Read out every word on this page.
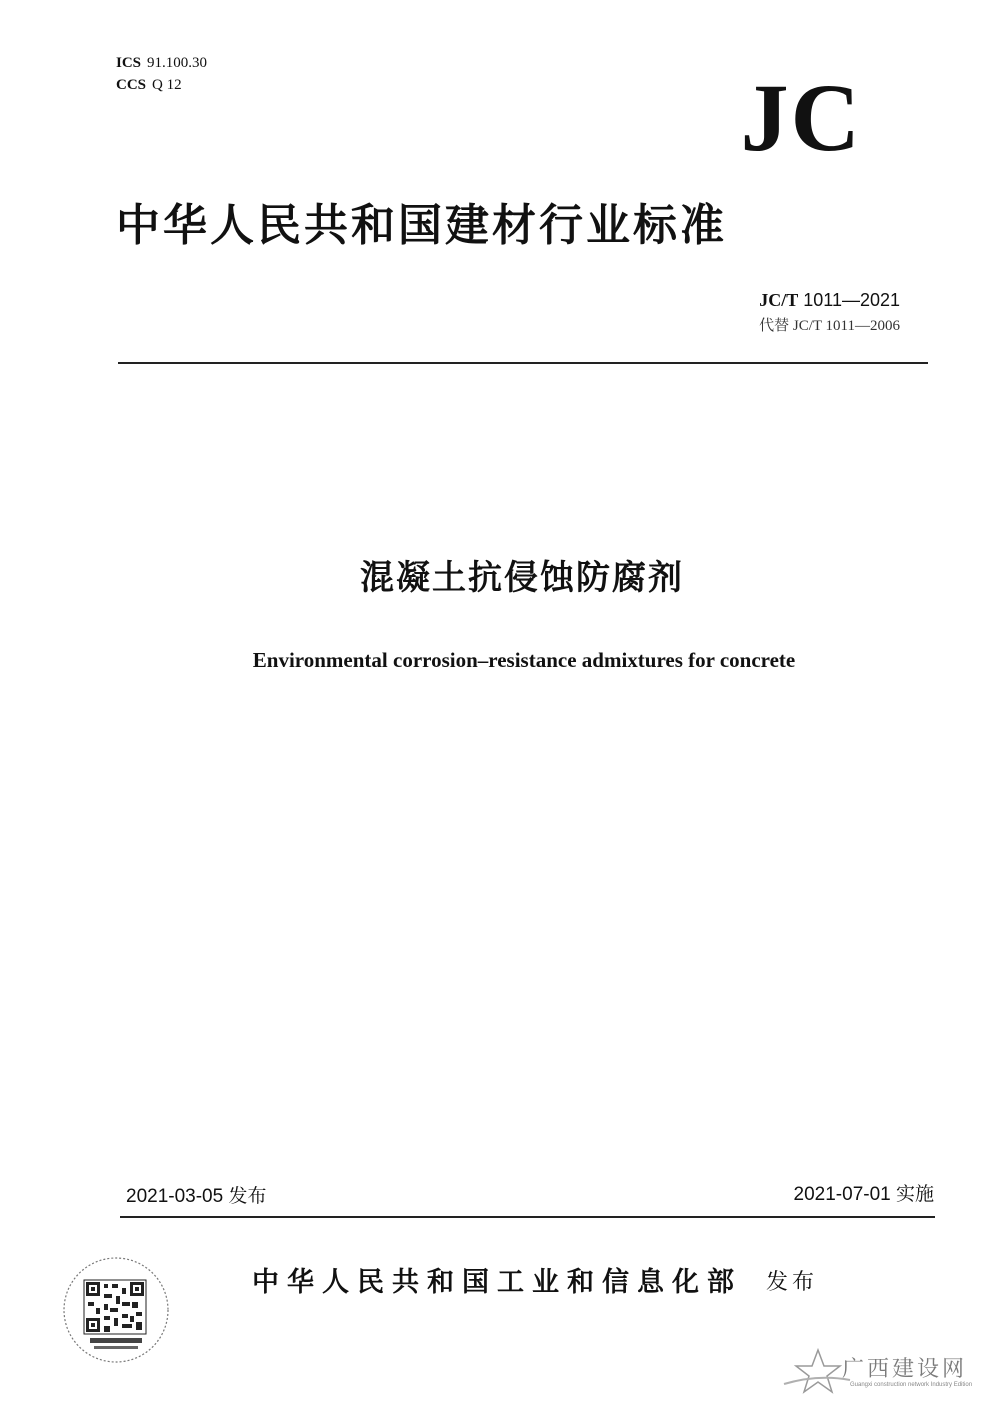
ICS 91.100.30
CCS Q 12	JC
中华人民共和国建材行业标准
JC/T 1011—2021
代替 JC/T 1011—2006
混凝土抗侵蚀防腐剂
Environmental corrosion–resistance admixtures for concrete
2021-03-05 发布	2021-07-01 实施
中华人民共和国工业和信息化部 发布
广西建设网
Guangxi construction network Industry Edition
